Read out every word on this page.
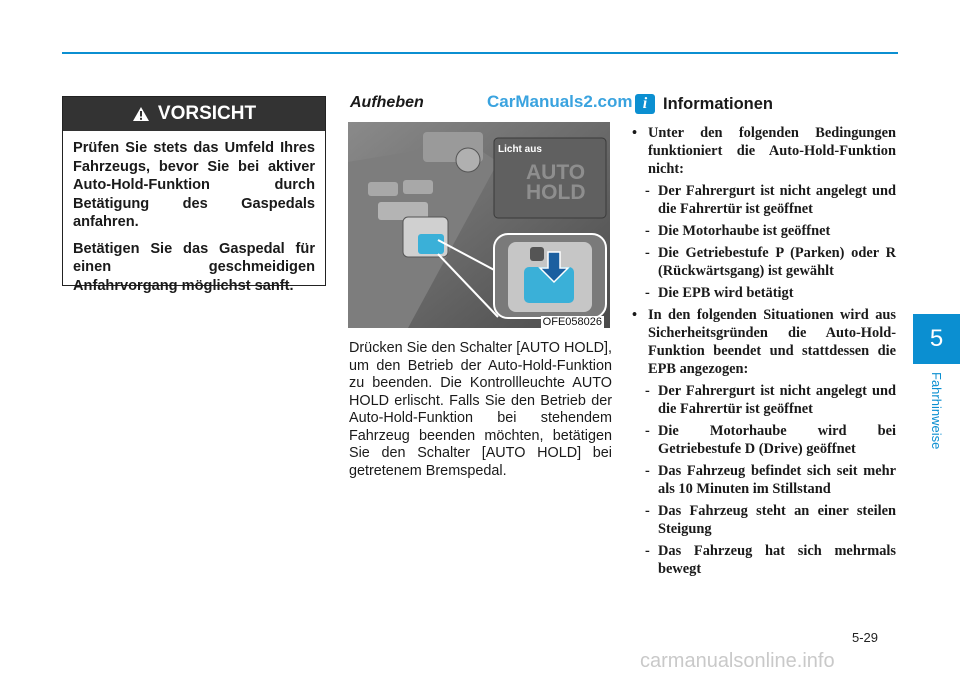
VORSICHT

Prüfen Sie stets das Umfeld Ihres Fahrzeugs, bevor Sie bei aktiver Auto-Hold-Funktion durch Betätigung des Gaspedals anfahren.

Betätigen Sie das Gaspedal für einen geschmeidigen Anfahrvorgang möglichst sanft.

Aufheben	CarManuals2.com
Licht aus
AUTO
HOLD
OFE058026
Drücken Sie den Schalter [AUTO HOLD], um den Betrieb der Auto-Hold-Funktion zu beenden. Die Kontrollleuchte AUTO HOLD erlischt. Falls Sie den Betrieb der Auto-Hold-Funktion bei stehendem Fahrzeug beenden möchten, betätigen Sie den Schalter [AUTO HOLD] bei getretenem Bremspedal.
i Informationen
• Unter den folgenden Bedingungen funktioniert die Auto-Hold-Funktion nicht:
- Der Fahrergurt ist nicht angelegt und die Fahrertür ist geöffnet
- Die Motorhaube ist geöffnet
- Die Getriebestufe P (Parken) oder R (Rückwärtsgang) ist gewählt
- Die EPB wird betätigt
• In den folgenden Situationen wird aus Sicherheitsgründen die Auto-Hold-Funktion beendet und stattdessen die EPB angezogen:
- Der Fahrergurt ist nicht angelegt und die Fahrertür ist geöffnet
- Die Motorhaube wird bei Getriebestufe D (Drive) geöffnet
- Das Fahrzeug befindet sich seit mehr als 10 Minuten im Stillstand
- Das Fahrzeug steht an einer steilen Steigung
- Das Fahrzeug hat sich mehrmals bewegt
5
Fahrhinweise
5-29
carmanualsonline.info
